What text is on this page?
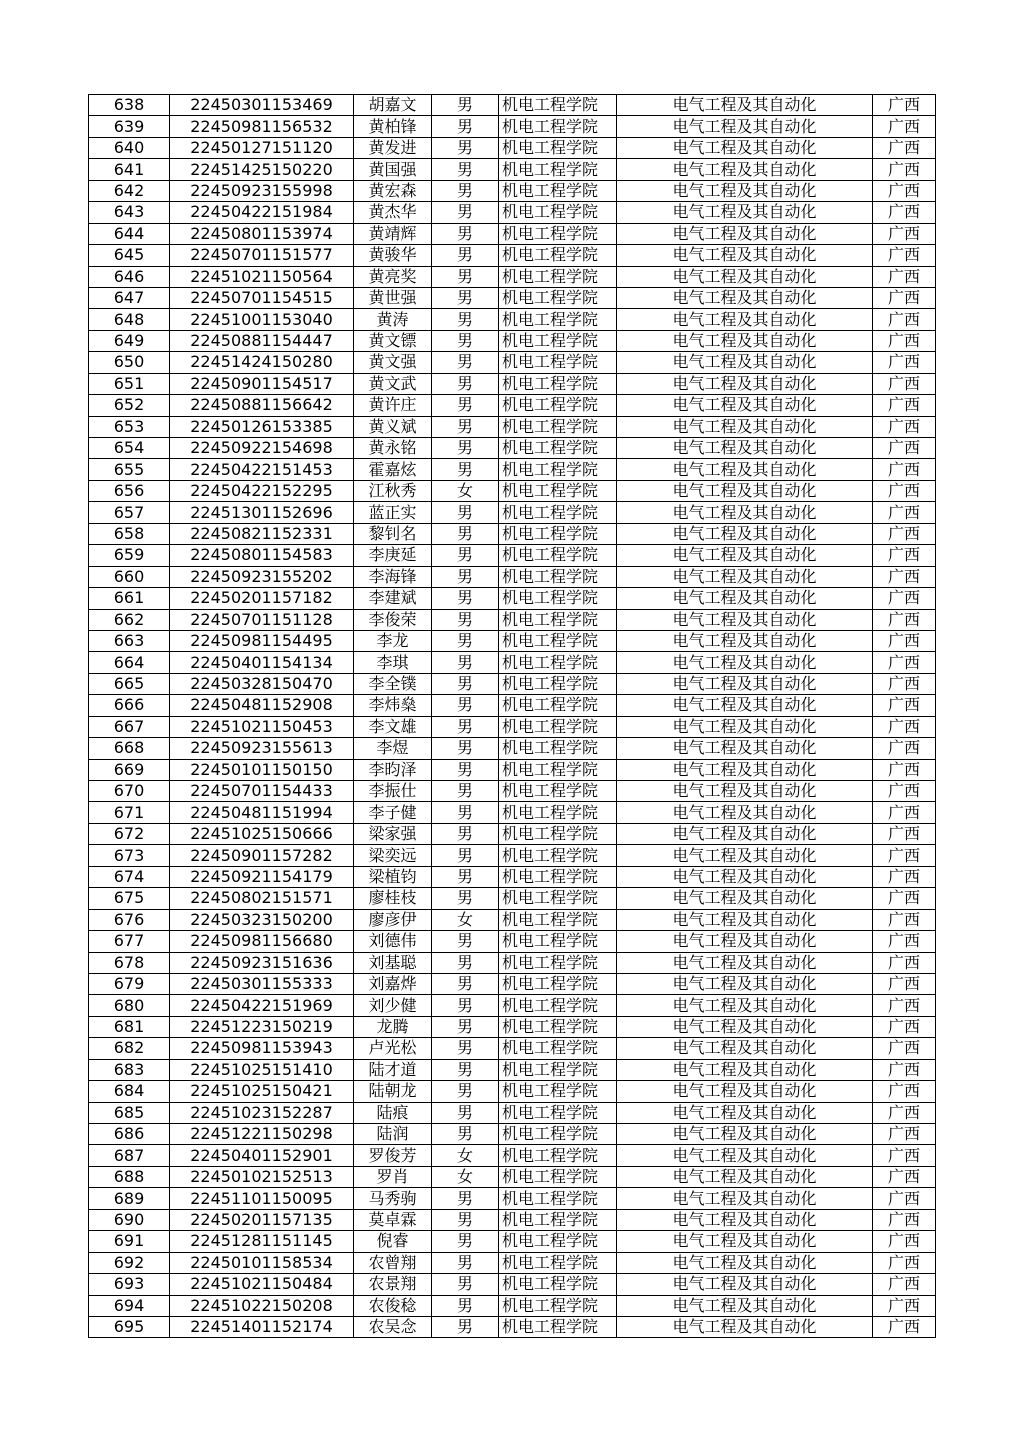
638	22450301153469	胡嘉文	男	机电工程学院	电气工程及其自动化	广西
639	22450981156532	黄柏锋	男	机电工程学院	电气工程及其自动化	广西
640	22450127151120	黄发进	男	机电工程学院	电气工程及其自动化	广西
641	22451425150220	黄国强	男	机电工程学院	电气工程及其自动化	广西
642	22450923155998	黄宏森	男	机电工程学院	电气工程及其自动化	广西
643	22450422151984	黄杰华	男	机电工程学院	电气工程及其自动化	广西
644	22450801153974	黄靖辉	男	机电工程学院	电气工程及其自动化	广西
645	22450701151577	黄骏华	男	机电工程学院	电气工程及其自动化	广西
646	22451021150564	黄亮奖	男	机电工程学院	电气工程及其自动化	广西
647	22450701154515	黄世强	男	机电工程学院	电气工程及其自动化	广西
648	22451001153040	黄涛	男	机电工程学院	电气工程及其自动化	广西
649	22450881154447	黄文镖	男	机电工程学院	电气工程及其自动化	广西
650	22451424150280	黄文强	男	机电工程学院	电气工程及其自动化	广西
651	22450901154517	黄文武	男	机电工程学院	电气工程及其自动化	广西
652	22450881156642	黄许庄	男	机电工程学院	电气工程及其自动化	广西
653	22450126153385	黄义斌	男	机电工程学院	电气工程及其自动化	广西
654	22450922154698	黄永铭	男	机电工程学院	电气工程及其自动化	广西
655	22450422151453	霍嘉炫	男	机电工程学院	电气工程及其自动化	广西
656	22450422152295	江秋秀	女	机电工程学院	电气工程及其自动化	广西
657	22451301152696	蓝正实	男	机电工程学院	电气工程及其自动化	广西
658	22450821152331	黎钊名	男	机电工程学院	电气工程及其自动化	广西
659	22450801154583	李庚延	男	机电工程学院	电气工程及其自动化	广西
660	22450923155202	李海锋	男	机电工程学院	电气工程及其自动化	广西
661	22450201157182	李建斌	男	机电工程学院	电气工程及其自动化	广西
662	22450701151128	李俊荣	男	机电工程学院	电气工程及其自动化	广西
663	22450981154495	李龙	男	机电工程学院	电气工程及其自动化	广西
664	22450401154134	李琪	男	机电工程学院	电气工程及其自动化	广西
665	22450328150470	李全镤	男	机电工程学院	电气工程及其自动化	广西
666	22450481152908	李炜燊	男	机电工程学院	电气工程及其自动化	广西
667	22451021150453	李文雄	男	机电工程学院	电气工程及其自动化	广西
668	22450923155613	李煜	男	机电工程学院	电气工程及其自动化	广西
669	22450101150150	李昀泽	男	机电工程学院	电气工程及其自动化	广西
670	22450701154433	李振仕	男	机电工程学院	电气工程及其自动化	广西
671	22450481151994	李子健	男	机电工程学院	电气工程及其自动化	广西
672	22451025150666	梁家强	男	机电工程学院	电气工程及其自动化	广西
673	22450901157282	梁奕远	男	机电工程学院	电气工程及其自动化	广西
674	22450921154179	梁植钧	男	机电工程学院	电气工程及其自动化	广西
675	22450802151571	廖桂枝	男	机电工程学院	电气工程及其自动化	广西
676	22450323150200	廖彦伊	女	机电工程学院	电气工程及其自动化	广西
677	22450981156680	刘德伟	男	机电工程学院	电气工程及其自动化	广西
678	22450923151636	刘基聪	男	机电工程学院	电气工程及其自动化	广西
679	22450301155333	刘嘉烨	男	机电工程学院	电气工程及其自动化	广西
680	22450422151969	刘少健	男	机电工程学院	电气工程及其自动化	广西
681	22451223150219	龙腾	男	机电工程学院	电气工程及其自动化	广西
682	22450981153943	卢光松	男	机电工程学院	电气工程及其自动化	广西
683	22451025151410	陆才道	男	机电工程学院	电气工程及其自动化	广西
684	22451025150421	陆朝龙	男	机电工程学院	电气工程及其自动化	广西
685	22451023152287	陆痕	男	机电工程学院	电气工程及其自动化	广西
686	22451221150298	陆润	男	机电工程学院	电气工程及其自动化	广西
687	22450401152901	罗俊芳	女	机电工程学院	电气工程及其自动化	广西
688	22450102152513	罗肖	女	机电工程学院	电气工程及其自动化	广西
689	22451101150095	马秀驹	男	机电工程学院	电气工程及其自动化	广西
690	22450201157135	莫卓霖	男	机电工程学院	电气工程及其自动化	广西
691	22451281151145	倪睿	男	机电工程学院	电气工程及其自动化	广西
692	22450101158534	农曾翔	男	机电工程学院	电气工程及其自动化	广西
693	22451021150484	农景翔	男	机电工程学院	电气工程及其自动化	广西
694	22451022150208	农俊稔	男	机电工程学院	电气工程及其自动化	广西
695	22451401152174	农吴念	男	机电工程学院	电气工程及其自动化	广西
